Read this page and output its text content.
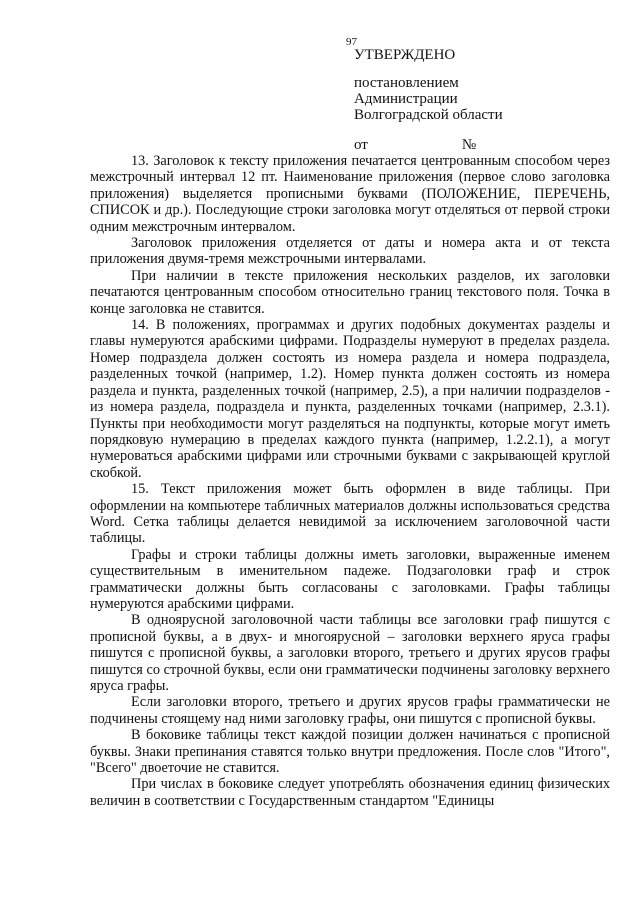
97
УТВЕРЖДЕНО
постановлением
Администрации
Волгоградской области
от	№

13. Заголовок к тексту приложения печатается центрованным способом через межстрочный интервал 12 пт. Наименование приложения (первое слово заголовка приложения) выделяется прописными буквами (ПОЛОЖЕНИЕ, ПЕРЕЧЕНЬ, СПИСОК и др.). Последующие строки заголовка могут отделяться от первой строки одним межстрочным интервалом.

Заголовок приложения отделяется от даты и номера акта и от текста приложения двумя-тремя межстрочными интервалами.

При наличии в тексте приложения нескольких разделов, их заголовки печатаются центрованным способом относительно границ текстового поля. Точка в конце заголовка не ставится.

14. В положениях, программах и других подобных документах разделы и главы нумеруются арабскими цифрами. Подразделы нумеруют в пределах раздела. Номер подраздела должен состоять из номера раздела и номера подраздела, разделенных точкой (например, 1.2). Номер пункта должен состоять из номера раздела и пункта, разделенных точкой (например, 2.5), а при наличии подразделов - из номера раздела, подраздела и пункта, разделенных точками (например, 2.3.1). Пункты при необходимости могут разделяться на подпункты, которые могут иметь порядковую нумерацию в пределах каждого пункта (например, 1.2.2.1), а могут нумероваться арабскими цифрами или строчными буквами с закрывающей круглой скобкой.

15. Текст приложения может быть оформлен в виде таблицы. При оформлении на компьютере табличных материалов должны использоваться средства Word. Сетка таблицы делается невидимой за исключением заголовочной части таблицы.

Графы и строки таблицы должны иметь заголовки, выраженные именем существительным в именительном падеже. Подзаголовки граф и строк грамматически должны быть согласованы с заголовками. Графы таблицы нумеруются арабскими цифрами.

В одноярусной заголовочной части таблицы все заголовки граф пишутся с прописной буквы, а в двух- и многоярусной – заголовки верхнего яруса графы пишутся с прописной буквы, а заголовки второго, третьего и других ярусов графы пишутся со строчной буквы, если они грамматически подчинены заголовку верхнего яруса графы.

Если заголовки второго, третьего и других ярусов графы грамматически не подчинены стоящему над ними заголовку графы, они пишутся с прописной буквы.

В боковике таблицы текст каждой позиции должен начинаться с прописной буквы. Знаки препинания ставятся только внутри предложения. После слов "Итого", "Всего" двоеточие не ставится.

При числах в боковике следует употреблять обозначения единиц физических величин в соответствии с Государственным стандартом "Единицы
